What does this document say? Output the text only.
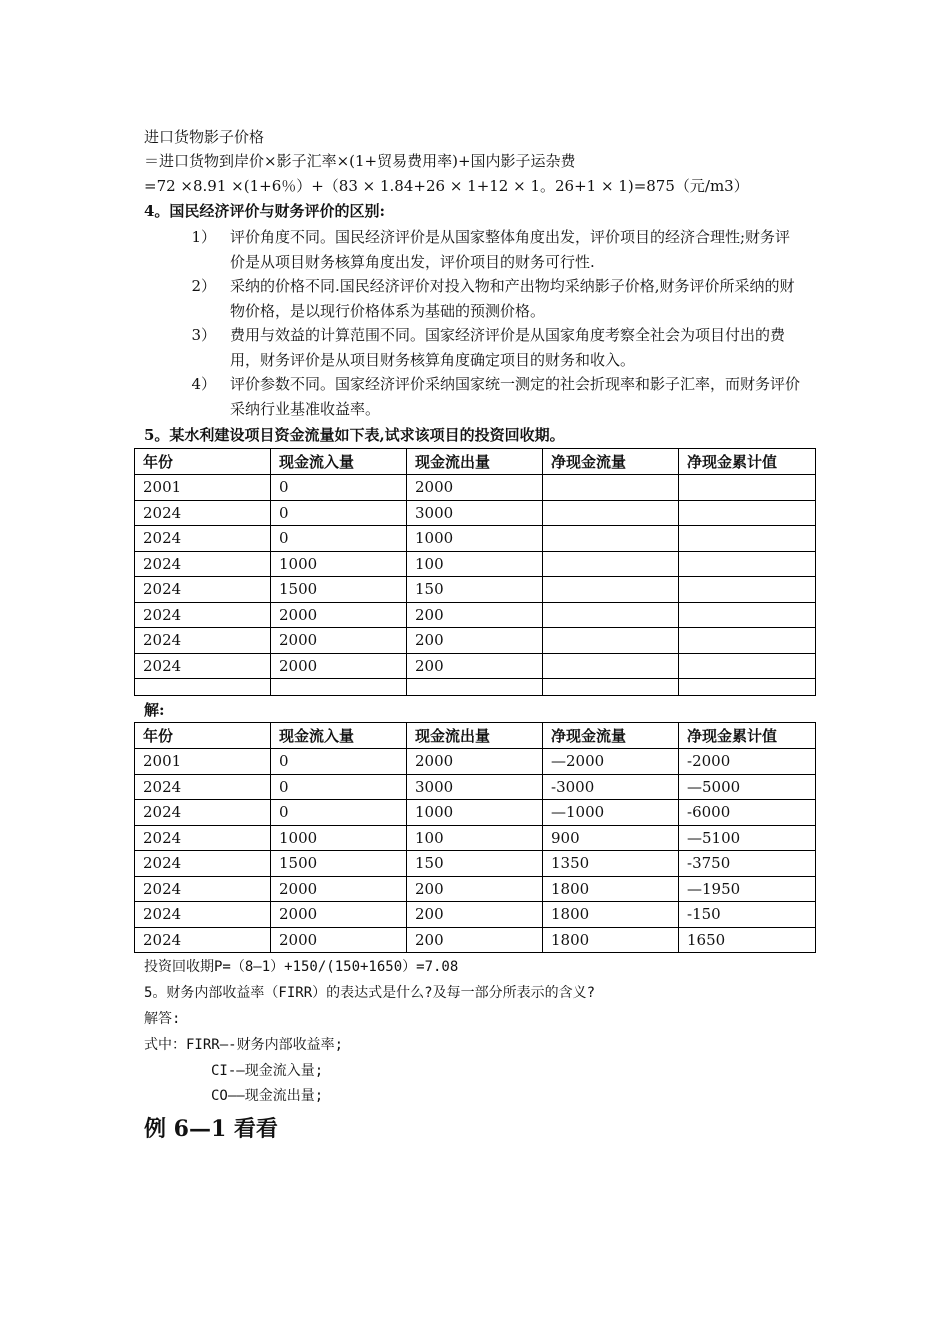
进口货物影子价格
＝进口货物到岸价×影子汇率×(1+贸易费用率)+国内影子运杂费
=72 ×8.91 ×(1+6％）+（83 × 1.84+26 × 1+12 × 1。26+1 × 1)=875（元/m3）
4。国民经济评价与财务评价的区别:
1） 评价角度不同。国民经济评价是从国家整体角度出发，评价项目的经济合理性;财务评价是从项目财务核算角度出发，评价项目的财务可行性.
2） 采纳的价格不同.国民经济评价对投入物和产出物均采纳影子价格,财务评价所采纳的财物价格，是以现行价格体系为基础的预测价格。
3） 费用与效益的计算范围不同。国家经济评价是从国家角度考察全社会为项目付出的费用，财务评价是从项目财务核算角度确定项目的财务和收入。
4） 评价参数不同。国家经济评价采纳国家统一测定的社会折现率和影子汇率，而财务评价采纳行业基准收益率。
5。某水利建设项目资金流量如下表,试求该项目的投资回收期。
年份	现金流入量	现金流出量	净现金流量	净现金累计值
2001	0	2000		
2024	0	3000		
2024	0	1000		
2024	1000	100		
2024	1500	150		
2024	2000	200		
2024	2000	200		
2024	2000	200		

解:
年份	现金流入量	现金流出量	净现金流量	净现金累计值
2001	0	2000	—2000	-2000
2024	0	3000	-3000	—5000
2024	0	1000	—1000	-6000
2024	1000	100	900	—5100
2024	1500	150	1350	-3750
2024	2000	200	1800	—1950
2024	2000	200	1800	-150
2024	2000	200	1800	1650
投资回收期P=（8—1）+150/(150+1650）=7.08
5。财务内部收益率（FIRR）的表达式是什么?及每一部分所表示的含义?
解答:
式中：FIRR—-财务内部收益率;
CI-—现金流入量;
CO——现金流出量;
例 6—1 看看
